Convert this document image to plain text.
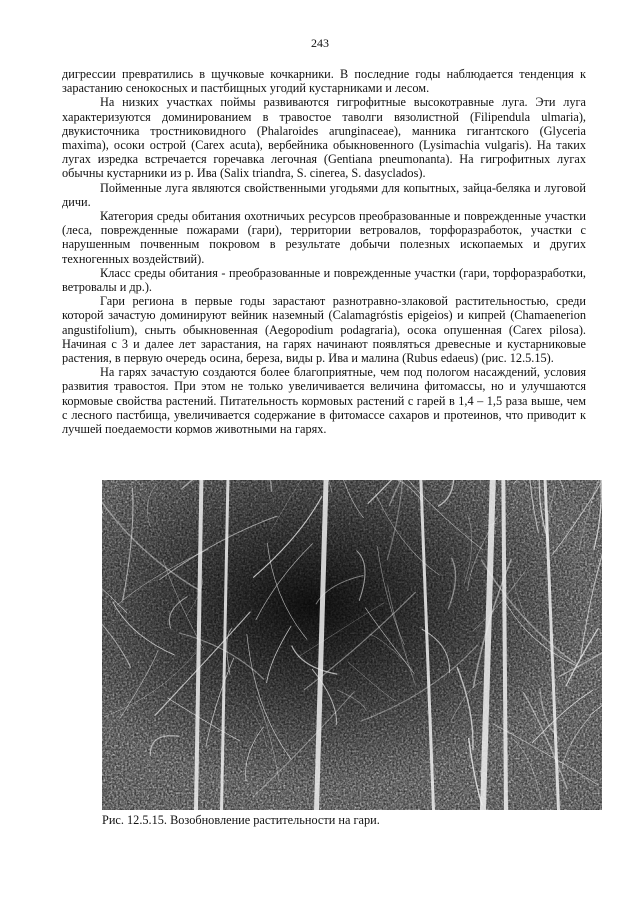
243

дигрессии превратились в щучковые кочкарники. В последние годы наблюдается тенденция к зарастанию сенокосных и пастбищных угодий кустарниками и лесом.

На низких участках поймы развиваются гигрофитные высокотравные луга. Эти луга характеризуются доминированием в травостое таволги вязолистной (Filipendula ulmaria), двукисточника тростниковидного (Phalaroides arunginaceae), манника гигантского (Glyceria maxima), осоки острой (Carex acuta), вербейника обыкновенного (Lysimachia vulgaris). На таких лугах изредка встречается горечавка легочная (Gentiana pneumonanta). На гигрофитных лугах обычны кустарники из р. Ива (Salix triandra, S. cinerea, S. dasyclados).

Пойменные луга являются свойственными угодьями для копытных, зайца-беляка и луговой дичи.

Категория среды обитания охотничьих ресурсов преобразованные и поврежденные участки (леса, поврежденные пожарами (гари), территории ветровалов, торфоразработок, участки с нарушенным почвенным покровом в результате добычи полезных ископаемых и других техногенных воздействий).

Класс среды обитания - преобразованные и поврежденные участки (гари, торфоразработки, ветровалы и др.).

Гари региона в первые годы зарастают разнотравно-злаковой растительностью, среди которой зачастую доминируют вейник наземный (Calamagróstis epigeios) и кипрей (Chamaenerion angustifolium), сныть обыкновенная (Aegopodium podagraria), осока опушенная (Carex pilosa). Начиная с 3 и далее лет зарастания, на гарях начинают появляться древесные и кустарниковые растения, в первую очередь осина, береза, виды р. Ива и малина (Rubus edaeus) (рис. 12.5.15).

На гарях зачастую создаются более благоприятные, чем под пологом насаждений, условия развития травостоя. При этом не только увеличивается величина фитомассы, но и улучшаются кормовые свойства растений. Питательность кормовых растений с гарей в 1,4 – 1,5 раза выше, чем с лесного пастбища, увеличивается содержание в фитомассе сахаров и протеинов, что приводит к лучшей поедаемости кормов животными на гарях.

Рис. 12.5.15. Возобновление растительности на гари.
